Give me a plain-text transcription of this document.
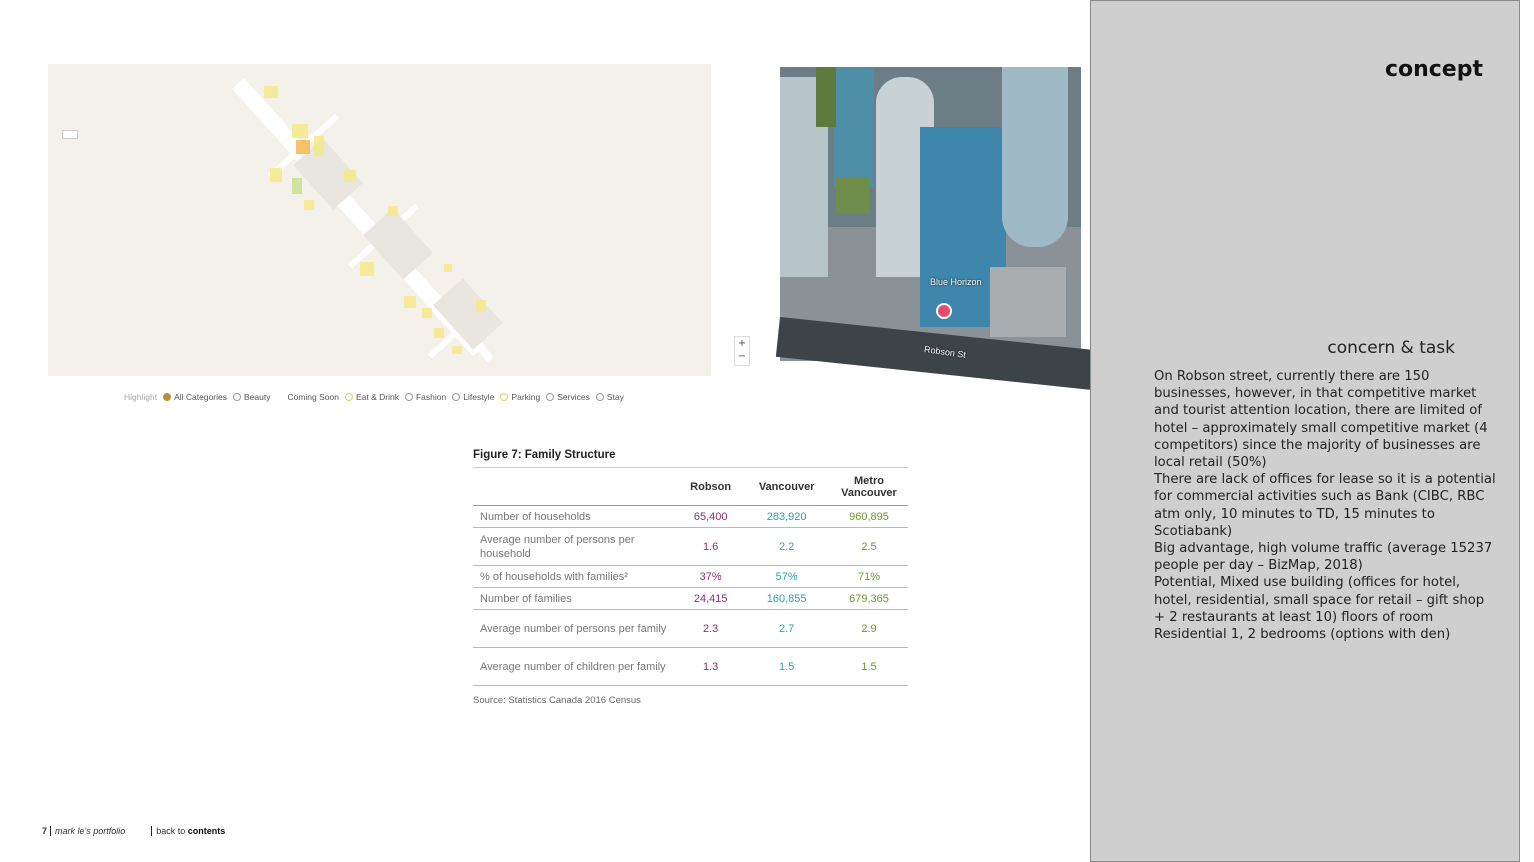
+
−
Highlight All Categories Beauty Coming Soon Eat & Drink Fashion Lifestyle Parking Services Stay
Blue Horizon
Robson St
Figure 7: Family Structure
	Robson	Vancouver	Metro Vancouver
Number of households	65,400	283,920	960,895
Average number of persons per household	1.6	2.2	2.5
% of households with families²	37%	57%	71%
Number of families	24,415	160,855	679,365
Average number of persons per family	2.3	2.7	2.9
Average number of children per family	1.3	1.5	1.5
Source: Statistics Canada 2016 Census
7 mark le's portfolio	back to contents
concept
concern & task

On Robson street, currently there are 150 businesses, however, in that competitive market and tourist attention location, there are limited of hotel – approximately small competitive market (4 competitors) since the majority of businesses are local retail (50%)

There are lack of offices for lease so it is a potential for commercial activities such as Bank (CIBC, RBC atm only, 10 minutes to TD, 15 minutes to Scotiabank)

Big advantage, high volume traffic (average 15237 people per day – BizMap, 2018)

Potential, Mixed use building (offices for hotel, hotel, residential, small space for retail – gift shop + 2 restaurants at least 10) floors of room

Residential 1, 2 bedrooms (options with den)
